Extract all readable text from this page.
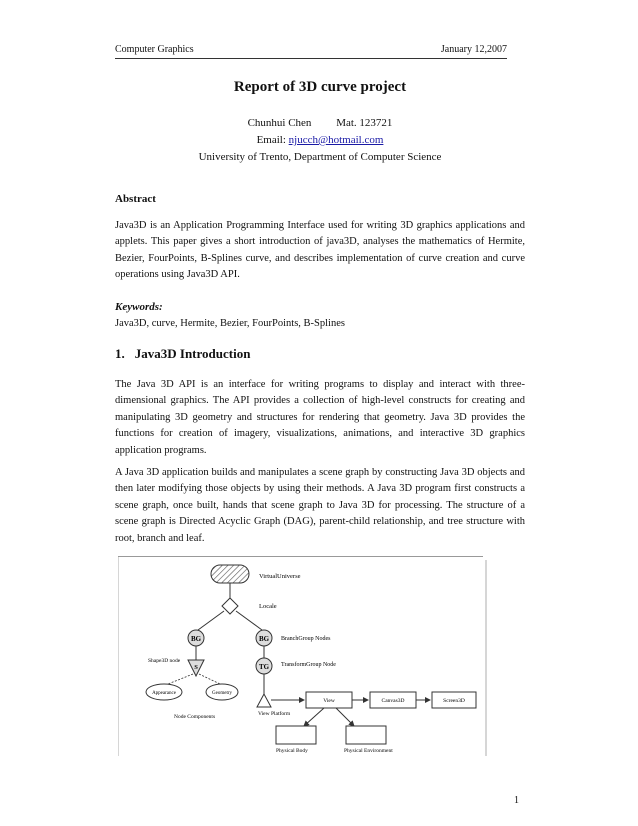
Computer Graphics	January 12,2007
Report of 3D curve project
Chunhui Chen Mat. 123721
Email: njucch@hotmail.com
University of Trento, Department of Computer Science
Abstract
Java3D is an Application Programming Interface used for writing 3D graphics applications and applets. This paper gives a short introduction of java3D, analyses the mathematics of Hermite, Bezier, FourPoints, B-Splines curve, and describes implementation of curve creation and curve operations using Java3D API.
Keywords:
Java3D, curve, Hermite, Bezier, FourPoints, B-Splines
1. Java3D Introduction
The Java 3D API is an interface for writing programs to display and interact with three-dimensional graphics. The API provides a collection of high-level constructs for creating and manipulating 3D geometry and structures for rendering that geometry. Java 3D provides the functions for creation of imagery, visualizations, animations, and interactive 3D graphics application programs.
A Java 3D application builds and manipulates a scene graph by constructing Java 3D objects and then later modifying those objects by using their methods. A Java 3D program first constructs a scene graph, once built, hands that scene graph to Java 3D for processing. The structure of a scene graph is Directed Acyclic Graph (DAG), parent-child relationship, and tree structure with root, branch and leaf.
VirtualUniverse
Locale
BG	BG BranchGroup Nodes
Shape3D node
S
Appearance	Geometry
Node Components
TG TransformGroup Node
View Platform
View	Canvas3D	Screen3D
Physical Body	Physical Environment
1
